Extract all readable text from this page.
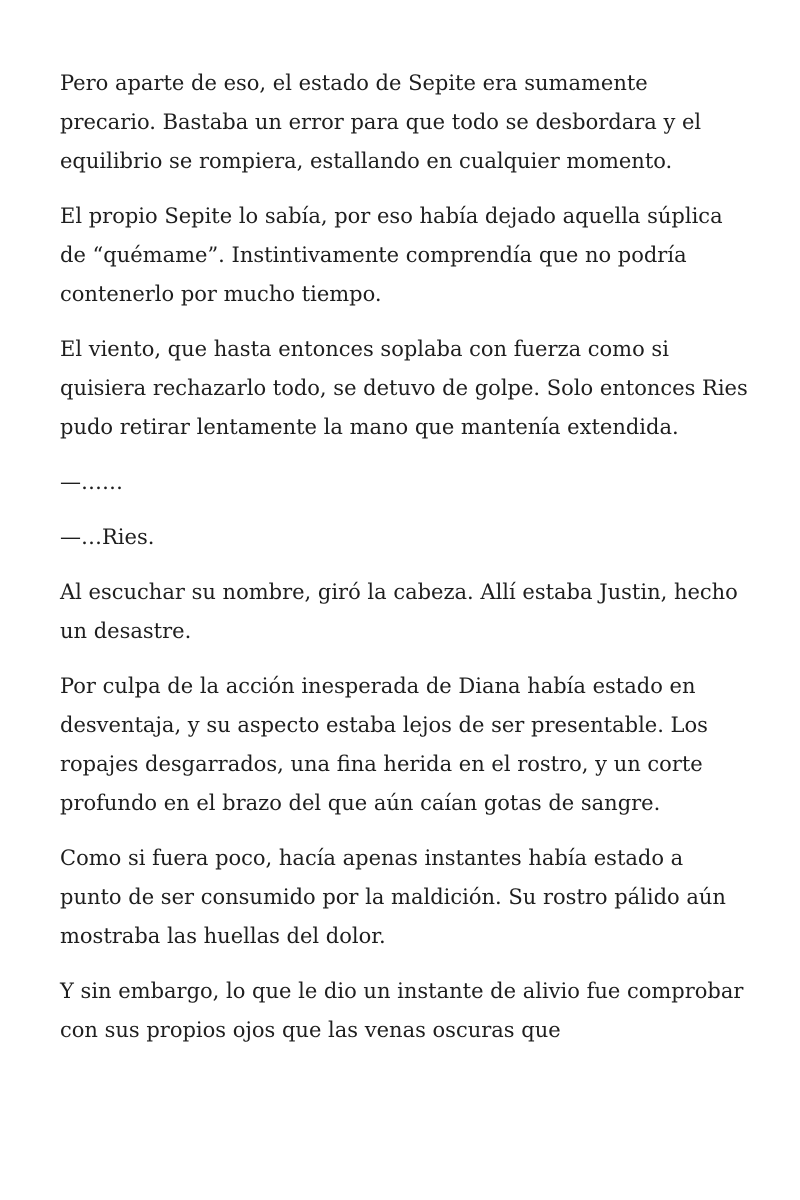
Pero aparte de eso, el estado de Sepite era sumamente precario. Bastaba un error para que todo se desbordara y el equilibrio se rompiera, estallando en cualquier momento.

El propio Sepite lo sabía, por eso había dejado aquella súplica de “quémame”. Instintivamente comprendía que no podría contenerlo por mucho tiempo.

El viento, que hasta entonces soplaba con fuerza como si quisiera rechazarlo todo, se detuvo de golpe. Solo entonces Ries pudo retirar lentamente la mano que mantenía extendida.

—……

—…Ries.

Al escuchar su nombre, giró la cabeza. Allí estaba Justin, hecho un desastre.

Por culpa de la acción inesperada de Diana había estado en desventaja, y su aspecto estaba lejos de ser presentable. Los ropajes desgarrados, una fina herida en el rostro, y un corte profundo en el brazo del que aún caían gotas de sangre.

Como si fuera poco, hacía apenas instantes había estado a punto de ser consumido por la maldición. Su rostro pálido aún mostraba las huellas del dolor.

Y sin embargo, lo que le dio un instante de alivio fue comprobar con sus propios ojos que las venas oscuras que
